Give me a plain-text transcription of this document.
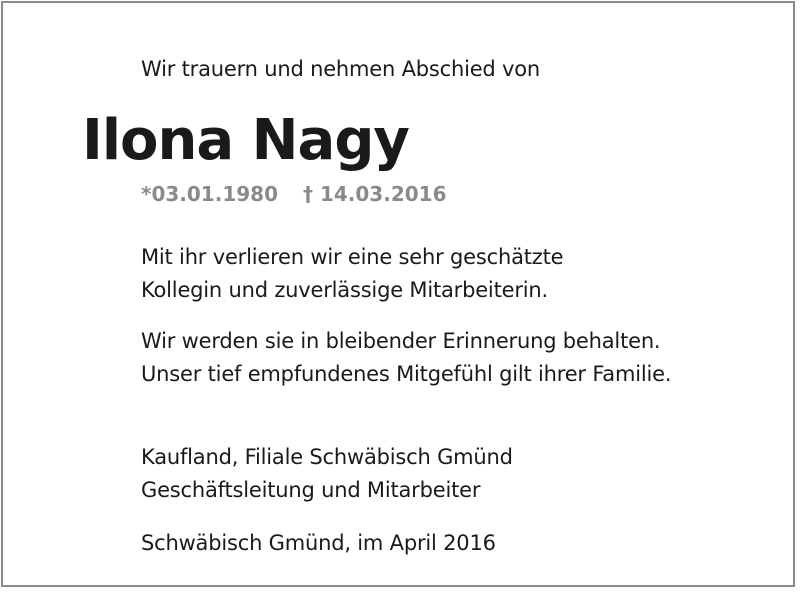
Wir trauern und nehmen Abschied von
Ilona Nagy
*03.01.1980 † 14.03.2016
Mit ihr verlieren wir eine sehr geschätzte
Kollegin und zuverlässige Mitarbeiterin.
Wir werden sie in bleibender Erinnerung behalten.
Unser tief empfundenes Mitgefühl gilt ihrer Familie.
Kaufland, Filiale Schwäbisch Gmünd
Geschäftsleitung und Mitarbeiter
Schwäbisch Gmünd, im April 2016
